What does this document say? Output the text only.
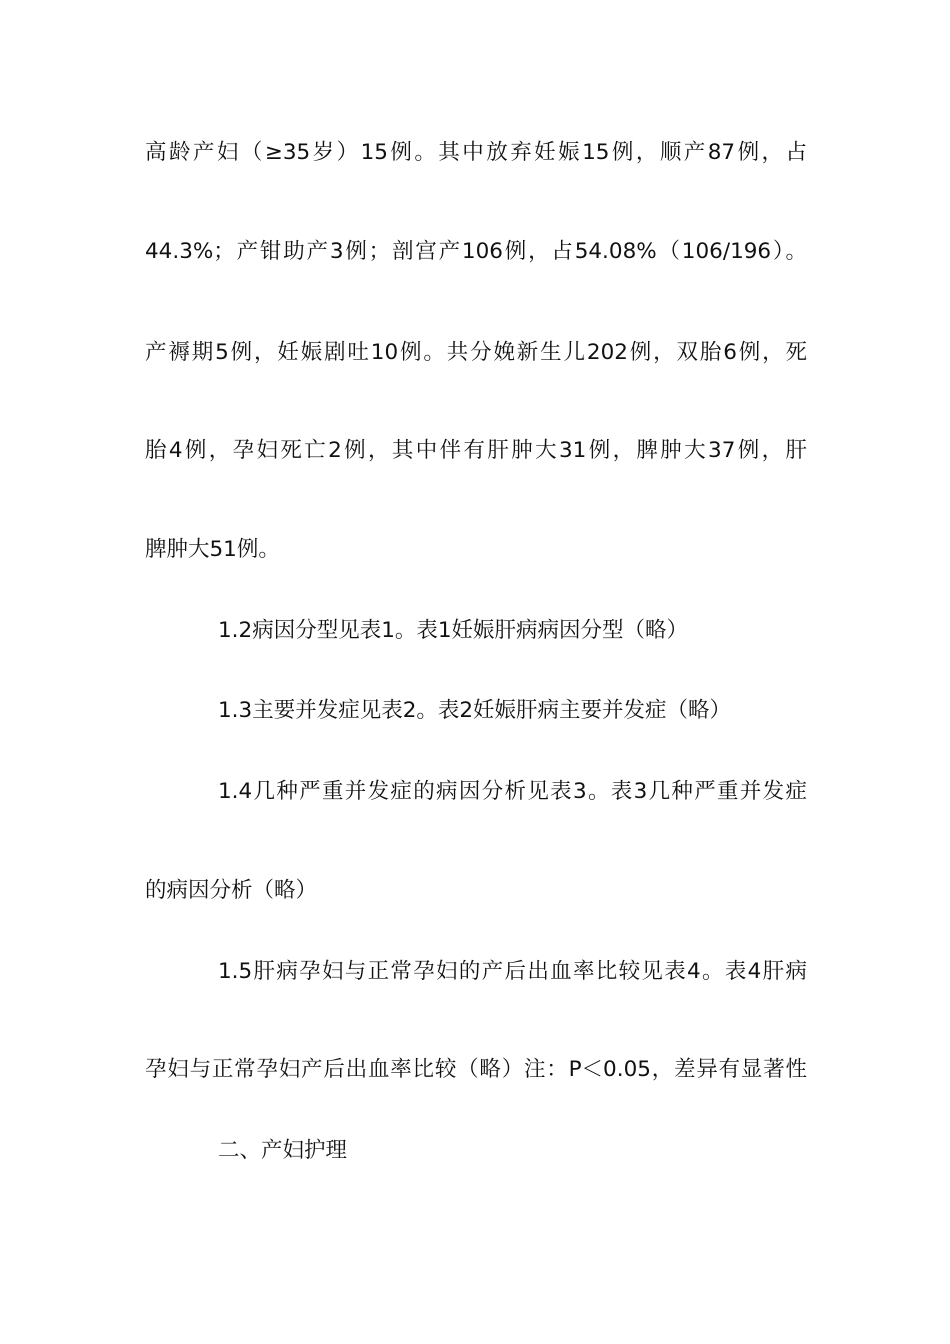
高龄产妇（≥35岁）15例。其中放弃妊娠15例，顺产87例，占
44.3%；产钳助产3例；剖宫产106例，占54.08%（106/196）。
产褥期5例，妊娠剧吐10例。共分娩新生儿202例，双胎6例，死
胎4例，孕妇死亡2例，其中伴有肝肿大31例，脾肿大37例，肝
脾肿大51例。
1.2病因分型见表1。表1妊娠肝病病因分型（略）
1.3主要并发症见表2。表2妊娠肝病主要并发症（略）
1.4几种严重并发症的病因分析见表3。表3几种严重并发症
的病因分析（略）
1.5肝病孕妇与正常孕妇的产后出血率比较见表4。表4肝病
孕妇与正常孕妇产后出血率比较（略）注：P＜0.05，差异有显著性
二、产妇护理
